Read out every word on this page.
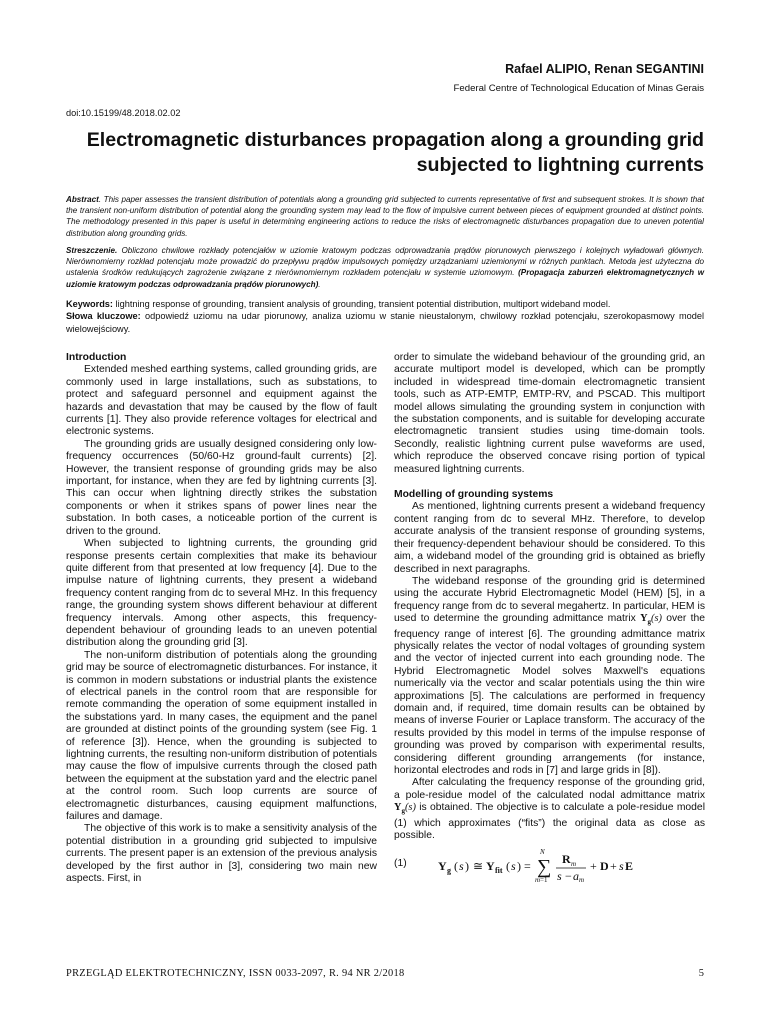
Rafael ALIPIO, Renan SEGANTINI
Federal Centre of Technological Education of Minas Gerais
doi:10.15199/48.2018.02.02
Electromagnetic disturbances propagation along a grounding grid subjected to lightning currents
Abstract. This paper assesses the transient distribution of potentials along a grounding grid subjected to currents representative of first and subsequent strokes. It is shown that the transient non-uniform distribution of potential along the grounding system may lead to the flow of impulsive current between pieces of equipment grounded at distinct points. The methodology presented in this paper is useful in determining engineering actions to reduce the risks of electromagnetic disturbances propagation due to uneven potential distribution along grounding grids.
Streszczenie. Obliczono chwilowe rozkłady potencjałów w uziomie kratowym podczas odprowadzania prądów piorunowych pierwszego i kolejnych wyładowań głównych. Nierównomierny rozkład potencjału może prowadzić do przepływu prądów impulsowych pomiędzy urządzaniami uziemionymi w różnych punktach. Metoda jest użyteczna do ustalenia środków redukujących zagrożenie związane z nierównomiernym rozkładem potencjału w systemie uziomowym. (Propagacja zaburzeń elektromagnetycznych w uziomie kratowym podczas odprowadzania prądów piorunowych).
Keywords: lightning response of grounding, transient analysis of grounding, transient potential distribution, multiport wideband model.
Słowa kluczowe: odpowiedź uziomu na udar piorunowy, analiza uziomu w stanie nieustalonym, chwilowy rozkład potencjału, szerokopasmowy model wielowejściowy.
Introduction

Extended meshed earthing systems, called grounding grids, are commonly used in large installations, such as substations, to protect and safeguard personnel and equipment against the hazards and devastation that may be caused by the flow of fault currents [1]. They also provide reference voltages for electrical and electronic systems.

The grounding grids are usually designed considering only low-frequency occurrences (50/60-Hz ground-fault currents) [2]. However, the transient response of grounding grids may be also important, for instance, when they are fed by lightning currents [3]. This can occur when lightning directly strikes the substation components or when it strikes spans of power lines near the substation. In both cases, a noticeable portion of the current is driven to the ground.

When subjected to lightning currents, the grounding grid response presents certain complexities that make its behaviour quite different from that presented at low frequency [4]. Due to the impulse nature of lightning currents, they present a wideband frequency content ranging from dc to several MHz. In this frequency range, the grounding system shows different behaviour at different frequency intervals. Among other aspects, this frequency-dependent behaviour of grounding leads to an uneven potential distribution along the grounding grid [3].

The non-uniform distribution of potentials along the grounding grid may be source of electromagnetic disturbances. For instance, it is common in modern substations or industrial plants the existence of electrical panels in the control room that are responsible for remote commanding the operation of some equipment installed in the substations yard. In many cases, the equipment and the panel are grounded at distinct points of the grounding system (see Fig. 1 of reference [3]). Hence, when the grounding is subjected to lightning currents, the resulting non-uniform distribution of potentials may cause the flow of impulsive currents through the closed path between the equipment at the substation yard and the electric panel at the control room. Such loop currents are source of electromagnetic disturbances, causing equipment malfunctions, failures and damage.

The objective of this work is to make a sensitivity analysis of the potential distribution in a grounding grid subjected to impulsive currents. The present paper is an extension of the previous analysis developed by the first author in [3], considering two main new aspects. First, in

order to simulate the wideband behaviour of the grounding grid, an accurate multiport model is developed, which can be promptly included in widespread time-domain electromagnetic transient tools, such as ATP-EMTP, EMTP-RV, and PSCAD. This multiport model allows simulating the grounding system in conjunction with the substation components, and is suitable for developing accurate electromagnetic transient studies using time-domain tools. Secondly, realistic lightning current pulse waveforms are used, which reproduce the observed concave rising portion of typical measured lightning currents.

Modelling of grounding systems

As mentioned, lightning currents present a wideband frequency content ranging from dc to several MHz. Therefore, to develop accurate analysis of the transient response of grounding systems, their frequency-dependent behaviour should be considered. To this aim, a wideband model of the grounding grid is obtained as briefly described in next paragraphs.

The wideband response of the grounding grid is determined using the accurate Hybrid Electromagnetic Model (HEM) [5], in a frequency range from dc to several megahertz. In particular, HEM is used to determine the grounding admittance matrix $Y_g(s)$ over the frequency range of interest [6]. The grounding admittance matrix physically relates the vector of nodal voltages of grounding system and the vector of injected current into each grounding node. The Hybrid Electromagnetic Model solves Maxwell's equations numerically via the vector and scalar potentials using the thin wire approximations [5]. The calculations are performed in frequency domain and, if required, time domain results can be obtained by means of inverse Fourier or Laplace transform. The accuracy of the results provided by this model in terms of the impulse response of grounding was proved by comparison with experimental results, considering different grounding arrangements (for instance, horizontal electrodes and rods in [7] and large grids in [8]).

After calculating the frequency response of the grounding grid, a pole-residue model of the calculated nodal admittance matrix $Y_g(s)$ is obtained. The objective is to calculate a pole-residue model (1) which approximates (“fits”) the original data as close as possible.

(1)	Y g ( s ) ≅ Y fit ( s ) = ∑
N
m =1
R m
s − a m
+ D + s E
PRZEGLĄD ELEKTROTECHNICZNY, ISSN 0033-2097, R. 94 NR 2/2018	5
